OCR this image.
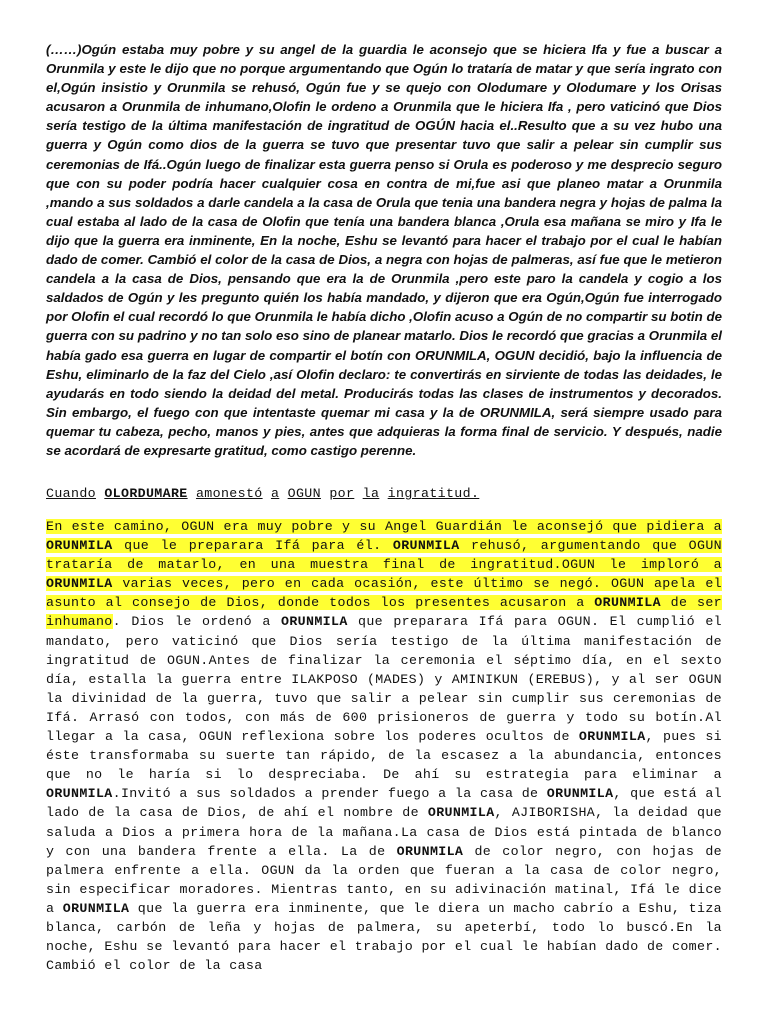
(……)Ogún estaba muy pobre y su angel de la guardia le aconsejo que se hiciera Ifa y fue a buscar a Orunmila y este le dijo que no porque argumentando que Ogún lo trataría de matar y que sería ingrato con el,Ogún insistio y Orunmila se rehusó, Ogún fue y se quejo con Olodumare y Olodumare y los Orisas acusaron a Orunmila de inhumano,Olofin le ordeno a Orunmila que le hiciera Ifa , pero vaticinó que Dios sería testigo de la última manifestación de ingratitud de OGÚN hacia el..Resulto que a su vez hubo una guerra y Ogún como dios de la guerra se tuvo que presentar tuvo que salir a pelear sin cumplir sus ceremonias de Ifá..Ogún luego de finalizar esta guerra penso si Orula es poderoso y me desprecio seguro que con su poder podría hacer cualquier cosa en contra de mi,fue asi que planeo matar a Orunmila ,mando a sus soldados a darle candela a la casa de Orula que tenia una bandera negra y hojas de palma la cual estaba al lado de la casa de Olofin que tenía una bandera blanca ,Orula esa mañana se miro y Ifa le dijo que la guerra era inminente, En la noche, Eshu se levantó para hacer el trabajo por el cual le habían dado de comer. Cambió el color de la casa de Dios, a negra con hojas de palmeras, así fue que le metieron candela a la casa de Dios, pensando que era la de Orunmila ,pero este paro la candela y cogio a los saldados de Ogún y les pregunto quién los había mandado, y dijeron que era Ogún,Ogún fue interrogado por Olofin el cual recordó lo que Orunmila le había dicho ,Olofin acuso a Ogún de no compartir su botin de guerra con su padrino y no tan solo eso sino de planear matarlo. Dios le recordó que gracias a Orunmila el había gado esa guerra en lugar de compartir el botín con ORUNMILA, OGUN decidió, bajo la influencia de Eshu, eliminarlo de la faz del Cielo ,así Olofin declaro: te convertirás en sirviente de todas las deidades, le ayudarás en todo siendo la deidad del metal. Producirás todas las clases de instrumentos y decorados. Sin embargo, el fuego con que intentaste quemar mi casa y la de ORUNMILA, será siempre usado para quemar tu cabeza, pecho, manos y pies, antes que adquieras la forma final de servicio. Y después, nadie se acordará de expresarte gratitud, como castigo perenne.

Cuando OLORDUMARE amonestó a OGUN por la ingratitud.

En este camino, OGUN era muy pobre y su Angel Guardián le aconsejó que pidiera a ORUNMILA que le preparara Ifá para él. ORUNMILA rehusó, argumentando que OGUN trataría de matarlo, en una muestra final de ingratitud.OGUN le imploró a ORUNMILA varias veces, pero en cada ocasión, este último se negó. OGUN apela el asunto al consejo de Dios, donde todos los presentes acusaron a ORUNMILA de ser inhumano. Dios le ordenó a ORUNMILA que preparara Ifá para OGUN. El cumplió el mandato, pero vaticinó que Dios sería testigo de la última manifestación de ingratitud de OGUN.Antes de finalizar la ceremonia el séptimo día, en el sexto día, estalla la guerra entre ILAKPOSO (MADES) y AMINIKUN (EREBUS), y al ser OGUN la divinidad de la guerra, tuvo que salir a pelear sin cumplir sus ceremonias de Ifá. Arrasó con todos, con más de 600 prisioneros de guerra y todo su botín.Al llegar a la casa, OGUN reflexiona sobre los poderes ocultos de ORUNMILA, pues si éste transformaba su suerte tan rápido, de la escasez a la abundancia, entonces que no le haría si lo despreciaba. De ahí su estrategia para eliminar a ORUNMILA.Invitó a sus soldados a prender fuego a la casa de ORUNMILA, que está al lado de la casa de Dios, de ahí el nombre de ORUNMILA, AJIBORISHA, la deidad que saluda a Dios a primera hora de la mañana.La casa de Dios está pintada de blanco y con una bandera frente a ella. La de ORUNMILA de color negro, con hojas de palmera enfrente a ella. OGUN da la orden que fueran a la casa de color negro, sin especificar moradores. Mientras tanto, en su adivinación matinal, Ifá le dice a ORUNMILA que la guerra era inminente, que le diera un macho cabrío a Eshu, tiza blanca, carbón de leña y hojas de palmera, su apeterbí, todo lo buscó.En la noche, Eshu se levantó para hacer el trabajo por el cual le habían dado de comer. Cambió el color de la casa
